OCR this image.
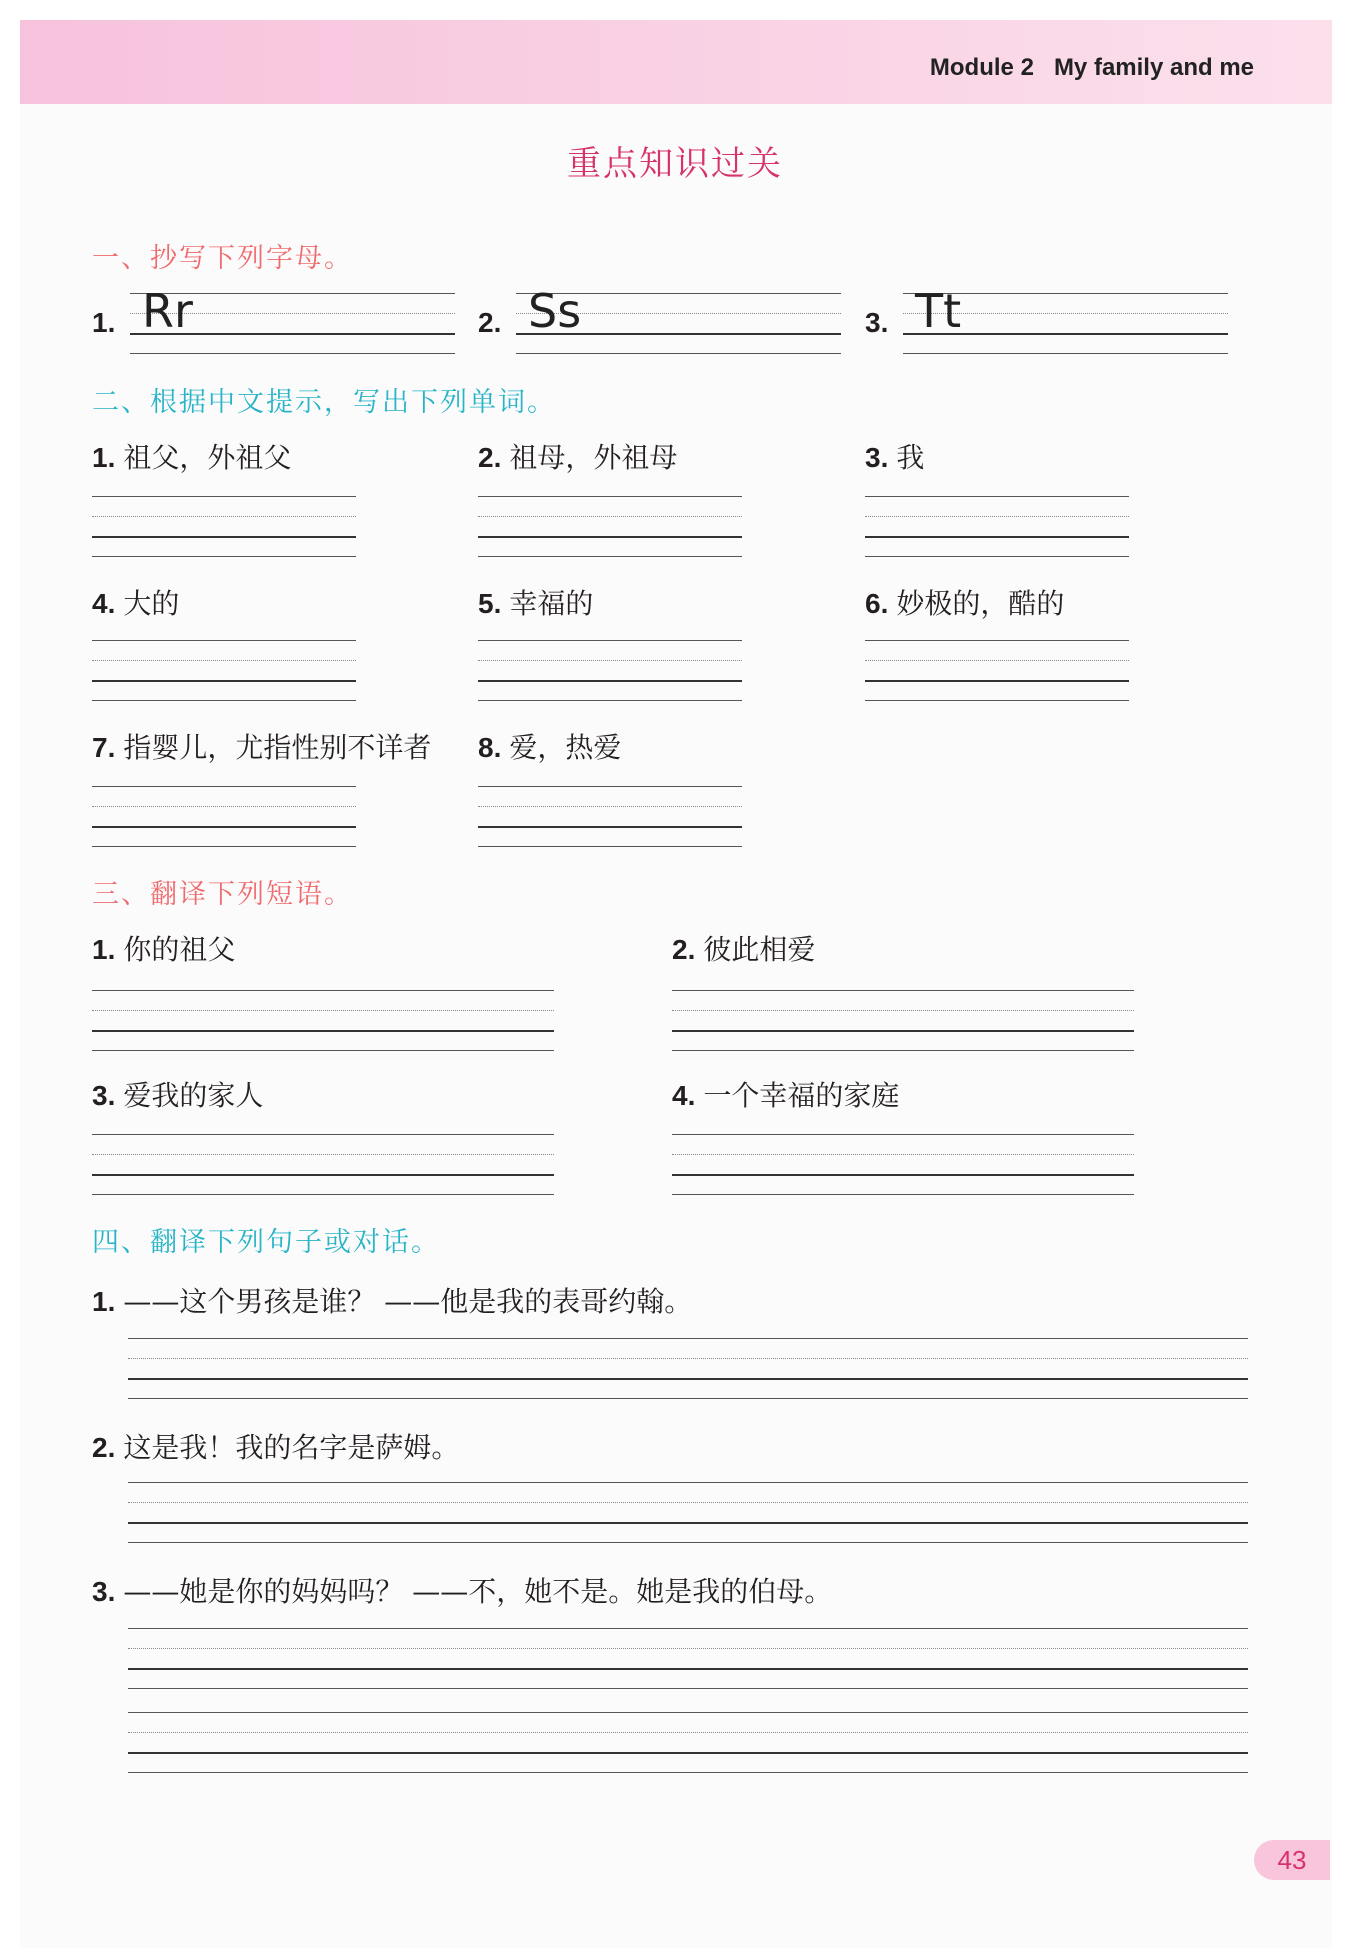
Module 2 My family and me
重点知识过关
一、抄写下列字母。
1. Rr	2. Ss	3. Tt
二、根据中文提示，写出下列单词。
1. 祖父，外祖父	2. 祖母，外祖母	3. 我
4. 大的	5. 幸福的	6. 妙极的，酷的
7. 指婴儿，尤指性别不详者 8. 爱，热爱
三、翻译下列短语。
1. 你的祖父	2. 彼此相爱
3. 爱我的家人	4. 一个幸福的家庭
四、翻译下列句子或对话。
1. ——这个男孩是谁？ ——他是我的表哥约翰。
2. 这是我！我的名字是萨姆。
3. ——她是你的妈妈吗？ ——不，她不是。她是我的伯母。
43
